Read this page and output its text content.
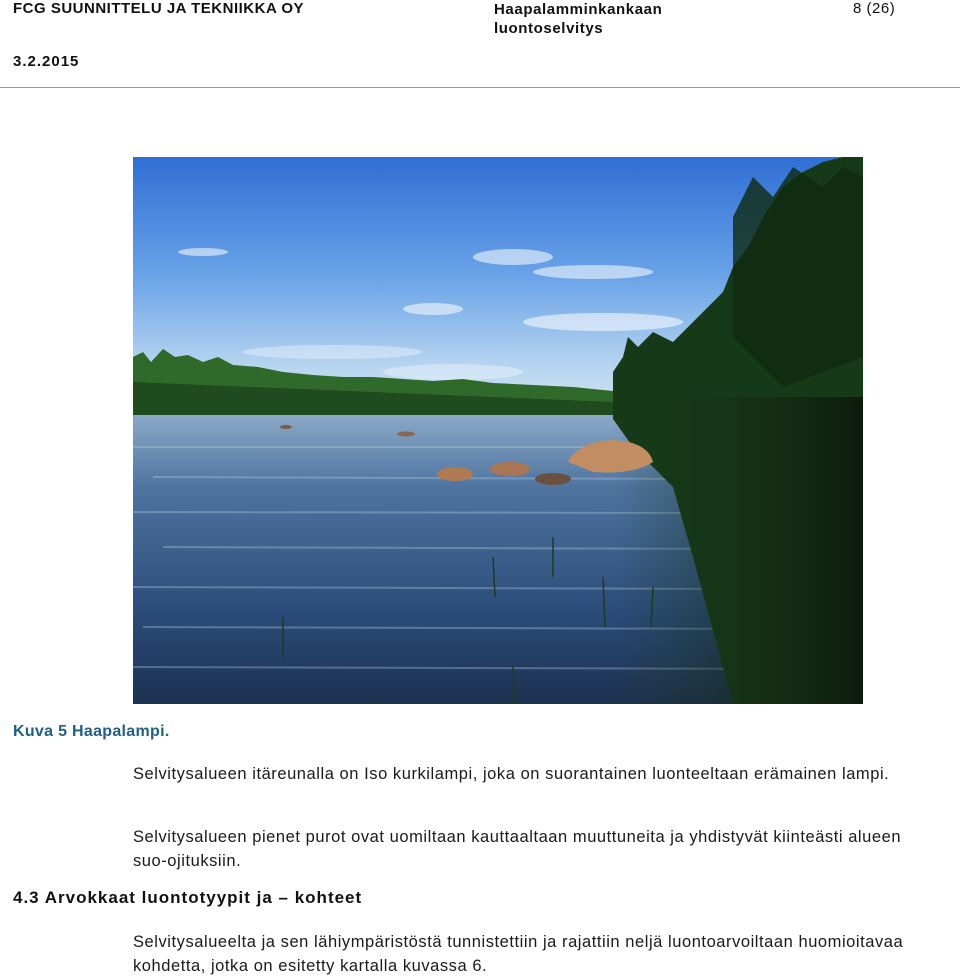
FCG SUUNNITTELU JA TEKNIIKKA OY	Haapalamminkankaan
luontoselvitys
8 (26)
3.2.2015
Kuva 5 Haapalampi.

Selvitysalueen itäreunalla on Iso kurkilampi, joka on suorantainen luonteeltaan erämainen lampi.

Selvitysalueen pienet purot ovat uomiltaan kauttaaltaan muuttuneita ja yhdistyvät kiinteästi alueen suo-ojituksiin.

4.3 Arvokkaat luontotyypit ja – kohteet

Selvitysalueelta ja sen lähiympäristöstä tunnistettiin ja rajattiin neljä luontoarvoiltaan huomioitavaa kohdetta, jotka on esitetty kartalla kuvassa 6.
